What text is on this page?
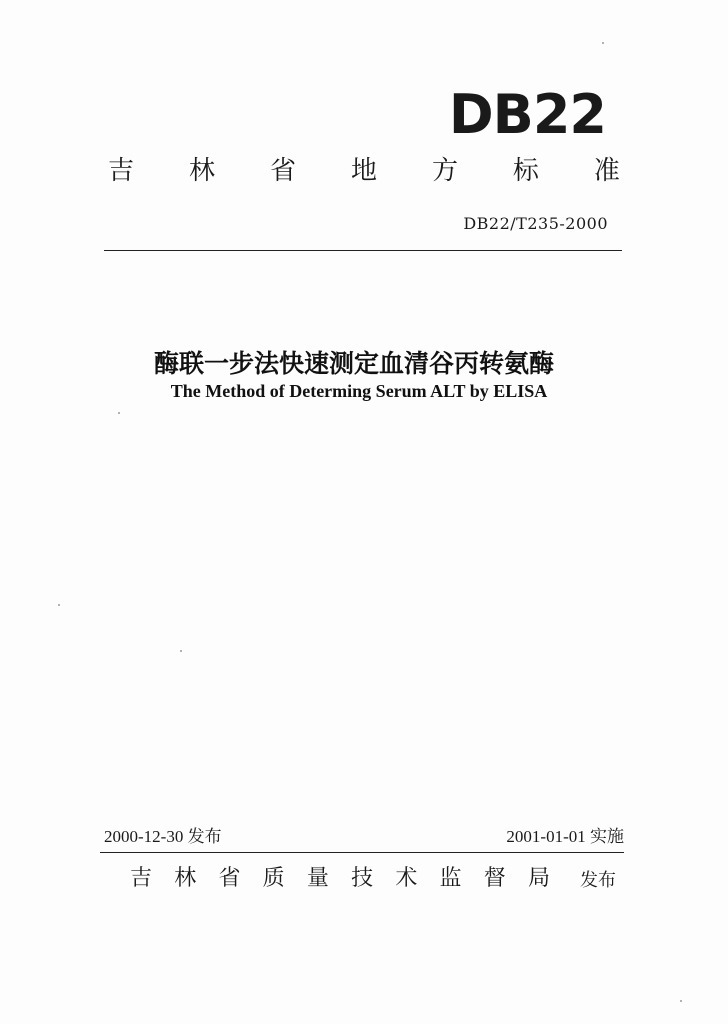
DB22
吉 林 省 地 方 标 准
DB22/T235-2000
酶联一步法快速测定血清谷丙转氨酶
The Method of Determing Serum ALT by ELISA
2000-12-30 发布	2001-01-01 实施
吉 林 省 质 量 技 术 监 督 局 发布
